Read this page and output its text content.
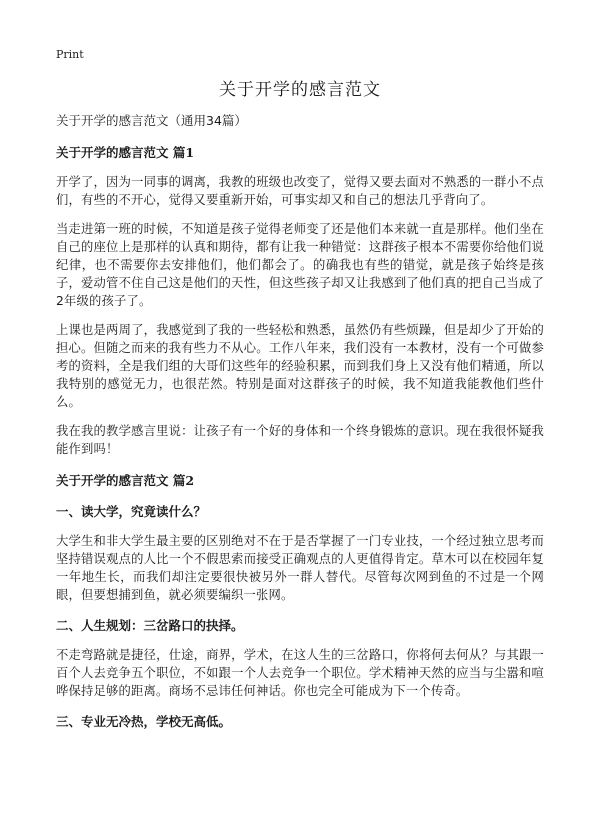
Print
关于开学的感言范文

关于开学的感言范文（通用34篇）

关于开学的感言范文 篇1

开学了，因为一同事的调离，我教的班级也改变了，觉得又要去面对不熟悉的一群小不点们，有些的不开心，觉得又要重新开始，可事实却又和自己的想法几乎背向了。

当走进第一班的时候，不知道是孩子觉得老师变了还是他们本来就一直是那样。他们坐在自己的座位上是那样的认真和期待，都有让我一种错觉：这群孩子根本不需要你给他们说纪律，也不需要你去安排他们，他们都会了。的确我也有些的错觉，就是孩子始终是孩子，爱动管不住自己这是他们的天性，但这些孩子却又让我感到了他们真的把自己当成了2年级的孩子了。

上课也是两周了，我感觉到了我的一些轻松和熟悉，虽然仍有些烦躁，但是却少了开始的担心。但随之而来的我有些力不从心。工作八年来，我们没有一本教材，没有一个可做参考的资料，全是我们组的大哥们这些年的经验积累，而到我们身上又没有他们精通，所以我特别的感觉无力，也很茫然。特别是面对这群孩子的时候，我不知道我能教他们些什么。

我在我的教学感言里说：让孩子有一个好的身体和一个终身锻炼的意识。现在我很怀疑我能作到吗！

关于开学的感言范文 篇2
一、读大学，究竟读什么？

大学生和非大学生最主要的区别绝对不在于是否掌握了一门专业技，一个经过独立思考而坚持错误观点的人比一个不假思索而接受正确观点的人更值得肯定。草木可以在校园年复一年地生长，而我们却注定要很快被另外一群人替代。尽管每次网到鱼的不过是一个网眼，但要想捕到鱼，就必须要编织一张网。

二、人生规划：三岔路口的抉择。

不走弯路就是捷径，仕途，商界，学术，在这人生的三岔路口，你将何去何从？与其跟一百个人去竞争五个职位，不如跟一个人去竞争一个职位。学术精神天然的应当与尘嚣和喧哗保持足够的距离。商场不忌讳任何神话。你也完全可能成为下一个传奇。

三、专业无冷热，学校无高低。
